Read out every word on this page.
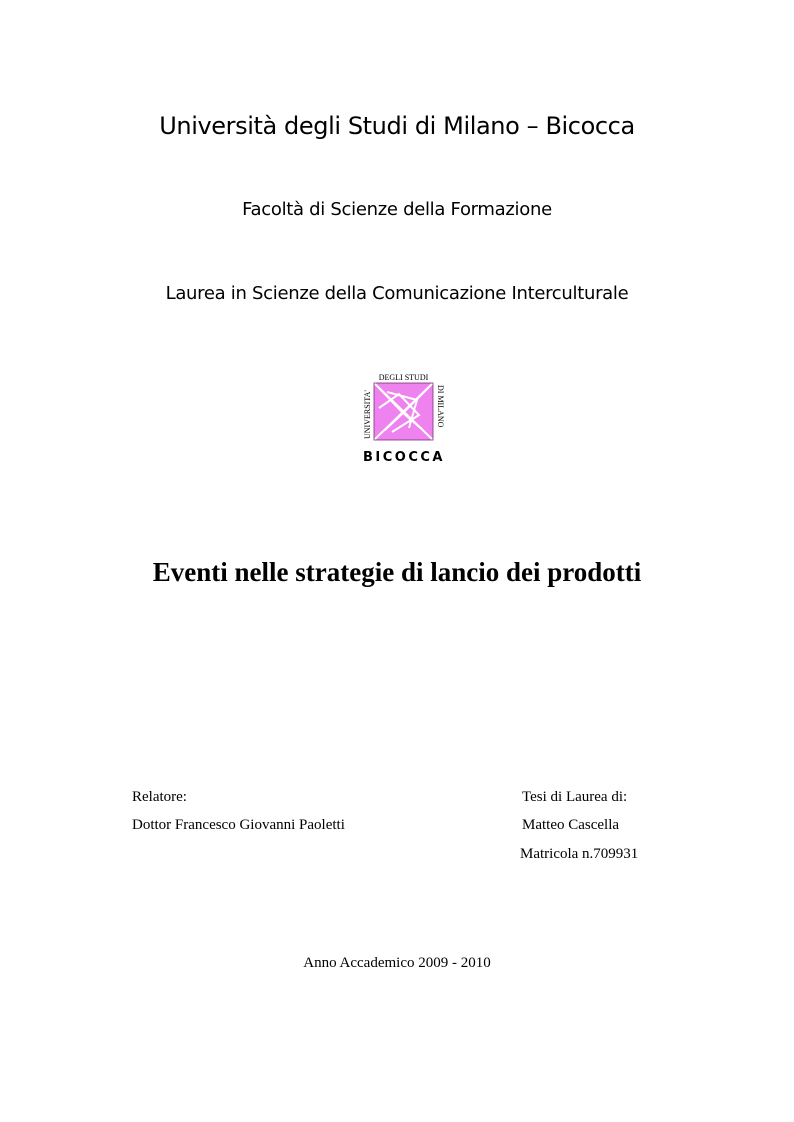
Università degli Studi di Milano – Bicocca
Facoltà di Scienze della Formazione
Laurea in Scienze della Comunicazione Interculturale
DEGLI STUDI
UNIVERSITA'	DI MILANO
BICOCCA
Eventi nelle strategie di lancio dei prodotti
Relatore:
Dottor Francesco Giovanni Paoletti
Tesi di Laurea di:
Matteo Cascella
Matricola n.709931
Anno Accademico 2009 - 2010
